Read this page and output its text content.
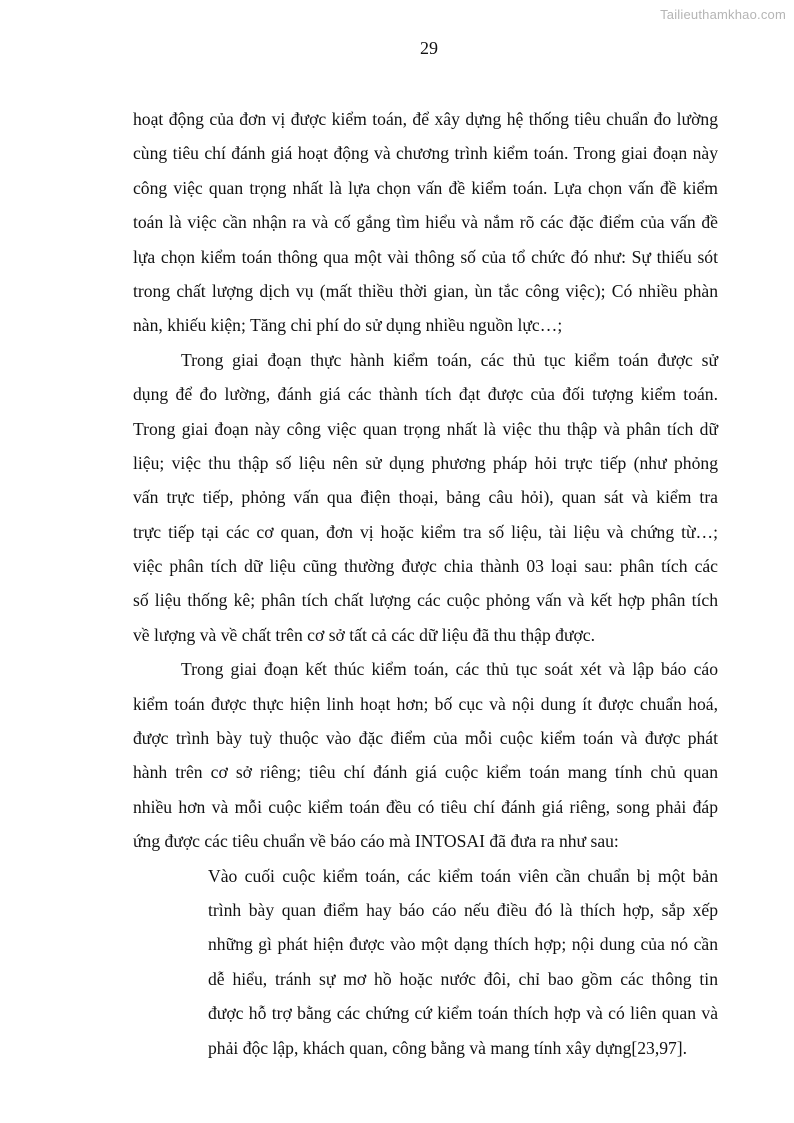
Tailieuthamkhao.com
29
hoạt động của đơn vị được kiểm toán, để xây dựng hệ thống tiêu chuẩn đo lường
cùng tiêu chí đánh giá hoạt động và chương trình kiểm toán. Trong giai đoạn này
công việc quan trọng nhất là lựa chọn vấn đề kiểm toán. Lựa chọn vấn đề kiểm
toán là việc cần nhận ra và cố gắng tìm hiểu và nắm rõ các đặc điểm của vấn đề
lựa chọn kiểm toán thông qua một vài thông số của tổ chức đó như: Sự thiếu sót
trong chất lượng dịch vụ (mất thiều thời gian, ùn tắc công việc); Có nhiều phàn
nàn, khiếu kiện; Tăng chi phí do sử dụng nhiều nguồn lực…;
Trong giai đoạn thực hành kiểm toán, các thủ tục kiểm toán được sử
dụng để đo lường, đánh giá các thành tích đạt được của đối tượng kiểm toán.
Trong giai đoạn này công việc quan trọng nhất là việc thu thập và phân tích dữ
liệu; việc thu thập số liệu nên sử dụng phương pháp hỏi trực tiếp (như phỏng
vấn trực tiếp, phỏng vấn qua điện thoại, bảng câu hỏi), quan sát và kiểm tra
trực tiếp tại các cơ quan, đơn vị hoặc kiểm tra số liệu, tài liệu và chứng từ…;
việc phân tích dữ liệu cũng thường được chia thành 03 loại sau: phân tích các
số liệu thống kê; phân tích chất lượng các cuộc phỏng vấn và kết hợp phân tích
về lượng và về chất trên cơ sở tất cả các dữ liệu đã thu thập được.
Trong giai đoạn kết thúc kiểm toán, các thủ tục soát xét và lập báo cáo
kiểm toán được thực hiện linh hoạt hơn; bố cục và nội dung ít được chuẩn hoá,
được trình bày tuỳ thuộc vào đặc điểm của mỗi cuộc kiểm toán và được phát
hành trên cơ sở riêng; tiêu chí đánh giá cuộc kiểm toán mang tính chủ quan
nhiều hơn và mỗi cuộc kiểm toán đều có tiêu chí đánh giá riêng, song phải đáp
ứng được các tiêu chuẩn về báo cáo mà INTOSAI đã đưa ra như sau:
Vào cuối cuộc kiểm toán, các kiểm toán viên cần chuẩn bị một bản
trình bày quan điểm hay báo cáo nếu điều đó là thích hợp, sắp xếp
những gì phát hiện được vào một dạng thích hợp; nội dung của nó cần
dễ hiểu, tránh sự mơ hồ hoặc nước đôi, chỉ bao gồm các thông tin
được hỗ trợ bằng các chứng cứ kiểm toán thích hợp và có liên quan và
phải độc lập, khách quan, công bằng và mang tính xây dựng[23,97].
